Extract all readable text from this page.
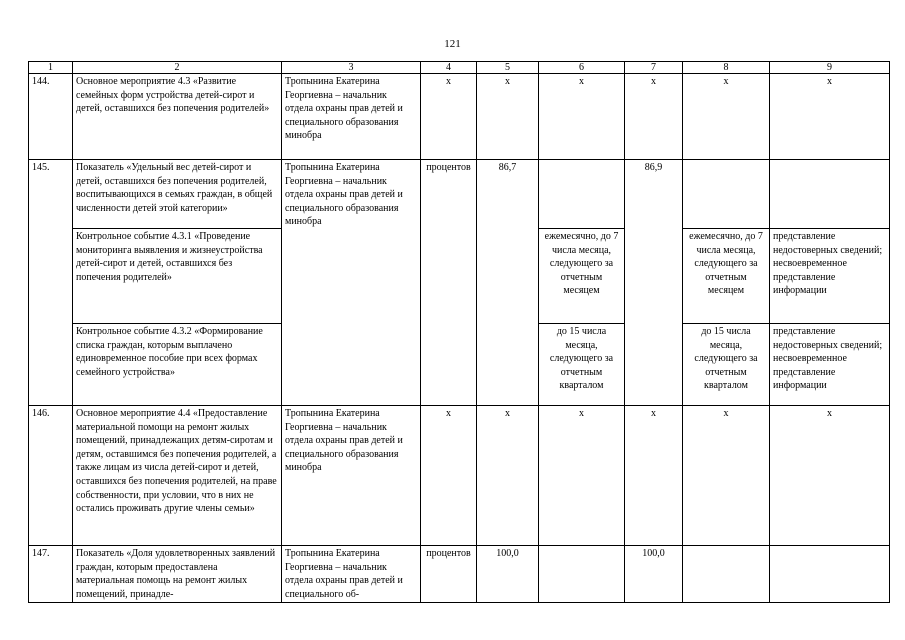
121
1	2	3	4	5	6	7	8	9
144.	Основное мероприятие 4.3 «Развитие семейных форм устройства детей-сирот и детей, оставшихся без попечения родителей»	Тропынина Екатерина Георгиевна – начальник отдела охраны прав детей и специального образования минобра	х	х	х	х	х	х
145.	Показатель «Удельный вес детей-сирот и детей, оставшихся без попечения родителей, воспитывающихся в семьях граждан, в общей численности детей этой категории»	Тропынина Екатерина Георгиевна – начальник отдела охраны прав детей и специального образования минобра	процентов	86,7		86,9		
	Контрольное событие 4.3.1 «Проведение мониторинга выявления и жизнеустройства детей-сирот и детей, оставшихся без попечения родителей»				ежемесячно, до 7 числа месяца, следующего за отчетным месяцем		ежемесячно, до 7 числа месяца, следующего за отчетным месяцем	представление недостоверных сведений; несвоевременное представление информации
	Контрольное событие 4.3.2 «Формирование списка граждан, которым выплачено единовременное пособие при всех формах семейного устройства»				до 15 числа месяца, следующего за отчетным кварталом		до 15 числа месяца, следующего за отчетным кварталом	представление недостоверных сведений; несвоевременное представление информации
146.	Основное мероприятие 4.4 «Предоставление материальной помощи на ремонт жилых помещений, принадлежащих детям-сиротам и детям, оставшимся без попечения родителей, а также лицам из числа детей-сирот и детей, оставшихся без попечения родителей, на праве собственности, при условии, что в них не остались проживать другие члены семьи»	Тропынина Екатерина Георгиевна – начальник отдела охраны прав детей и специального образования минобра	х	х	х	х	х	х
147.	Показатель «Доля удовлетворенных заявлений граждан, которым предоставлена материальная помощь на ремонт жилых помещений, принадле-	Тропынина Екатерина Георгиевна – начальник отдела охраны прав детей и специального об-	процентов	100,0		100,0		
